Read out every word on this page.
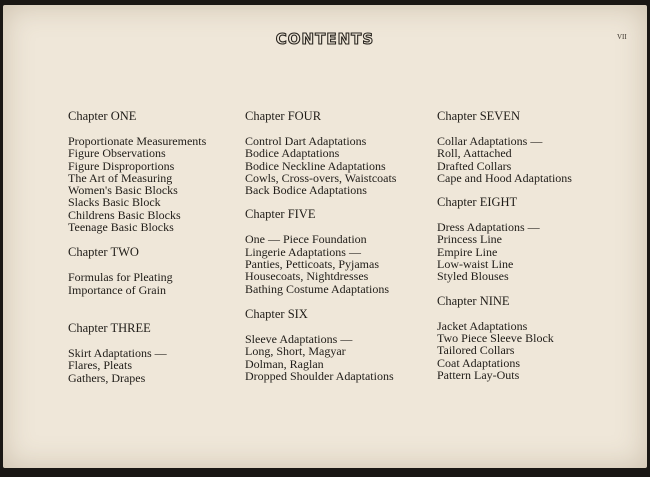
CONTENTS	VII
Chapter ONE
Proportionate Measurements
Figure Observations
Figure Disproportions
The Art of Measuring
Women's Basic Blocks
Slacks Basic Block
Childrens Basic Blocks
Teenage Basic Blocks
Chapter TWO
Formulas for Pleating
Importance of Grain
Chapter THREE
Skirt Adaptations —
Flares, Pleats
Gathers, Drapes
Chapter FOUR
Control Dart Adaptations
Bodice Adaptations
Bodice Neckline Adaptations
Cowls, Cross-overs, Waistcoats
Back Bodice Adaptations
Chapter FIVE
One — Piece Foundation
Lingerie Adaptations —
Panties, Petticoats, Pyjamas
Housecoats, Nightdresses
Bathing Costume Adaptations
Chapter SIX
Sleeve Adaptations —
Long, Short, Magyar
Dolman, Raglan
Dropped Shoulder Adaptations
Chapter SEVEN
Collar Adaptations —
Roll, Aattached
Drafted Collars
Cape and Hood Adaptations
Chapter EIGHT
Dress Adaptations —
Princess Line
Empire Line
Low-waist Line
Styled Blouses
Chapter NINE
Jacket Adaptations
Two Piece Sleeve Block
Tailored Collars
Coat Adaptations
Pattern Lay-Outs
